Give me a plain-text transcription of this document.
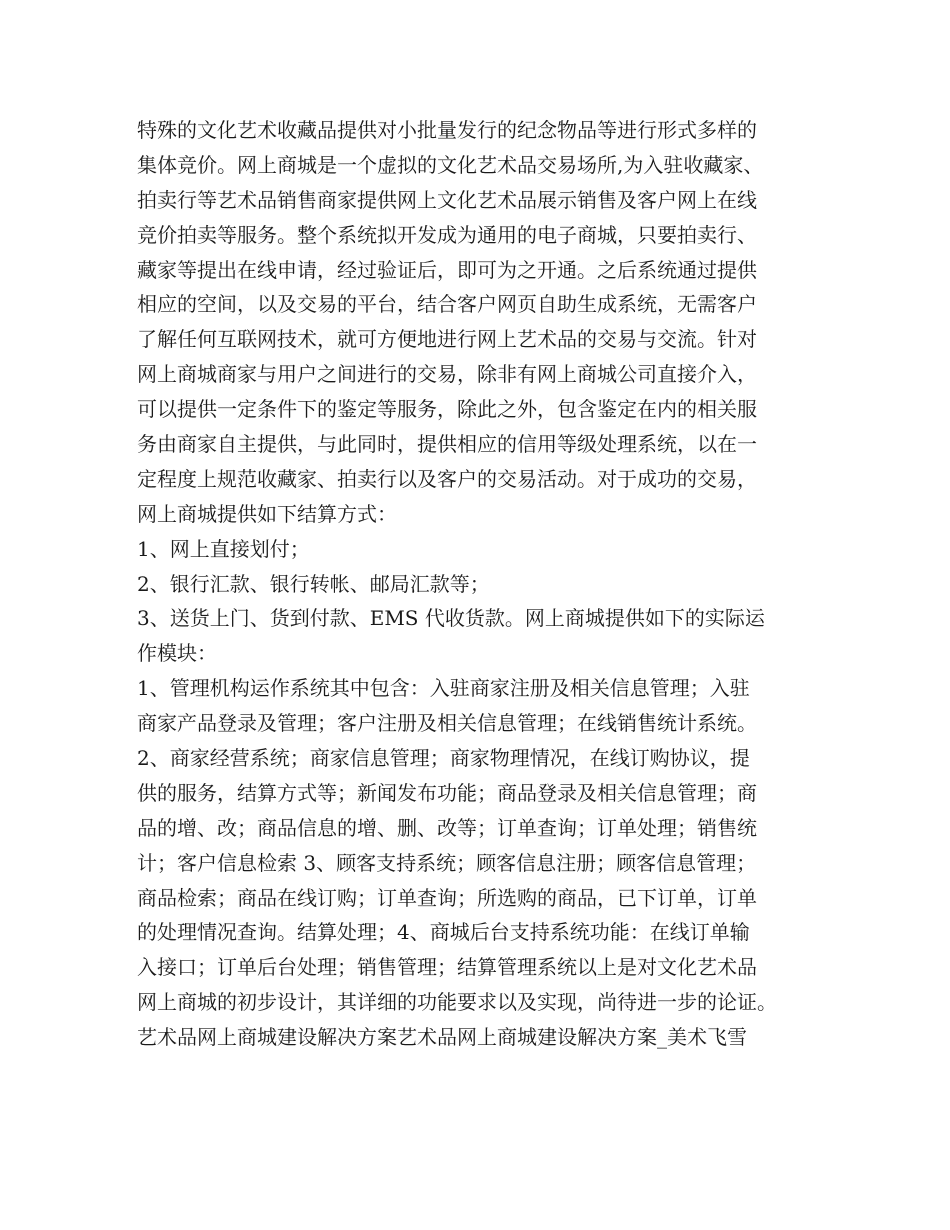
特殊的文化艺术收藏品提供对小批量发行的纪念物品等进行形式多样的
集体竞价。网上商城是一个虚拟的文化艺术品交易场所,为入驻收藏家、
拍卖行等艺术品销售商家提供网上文化艺术品展示销售及客户网上在线
竞价拍卖等服务。整个系统拟开发成为通用的电子商城，只要拍卖行、
藏家等提出在线申请，经过验证后，即可为之开通。之后系统通过提供
相应的空间，以及交易的平台，结合客户网页自助生成系统，无需客户
了解任何互联网技术，就可方便地进行网上艺术品的交易与交流。针对
网上商城商家与用户之间进行的交易，除非有网上商城公司直接介入，
可以提供一定条件下的鉴定等服务，除此之外，包含鉴定在内的相关服
务由商家自主提供，与此同时，提供相应的信用等级处理系统，以在一
定程度上规范收藏家、拍卖行以及客户的交易活动。对于成功的交易，
网上商城提供如下结算方式：
1、网上直接划付；
2、银行汇款、银行转帐、邮局汇款等；
3、送货上门、货到付款、EMS 代收货款。网上商城提供如下的实际运
作模块：
1、管理机构运作系统其中包含：入驻商家注册及相关信息管理；入驻
商家产品登录及管理；客户注册及相关信息管理；在线销售统计系统。
2、商家经营系统；商家信息管理；商家物理情况，在线订购协议，提
供的服务，结算方式等；新闻发布功能；商品登录及相关信息管理；商
品的增、改；商品信息的增、删、改等；订单查询；订单处理；销售统
计；客户信息检索 3、顾客支持系统；顾客信息注册；顾客信息管理；
商品检索；商品在线订购；订单查询；所选购的商品，已下订单，订单
的处理情况查询。结算处理；4、商城后台支持系统功能：在线订单输
入接口；订单后台处理；销售管理；结算管理系统以上是对文化艺术品
网上商城的初步设计，其详细的功能要求以及实现，尚待进一步的论证。
艺术品网上商城建设解决方案艺术品网上商城建设解决方案_美术飞雪
